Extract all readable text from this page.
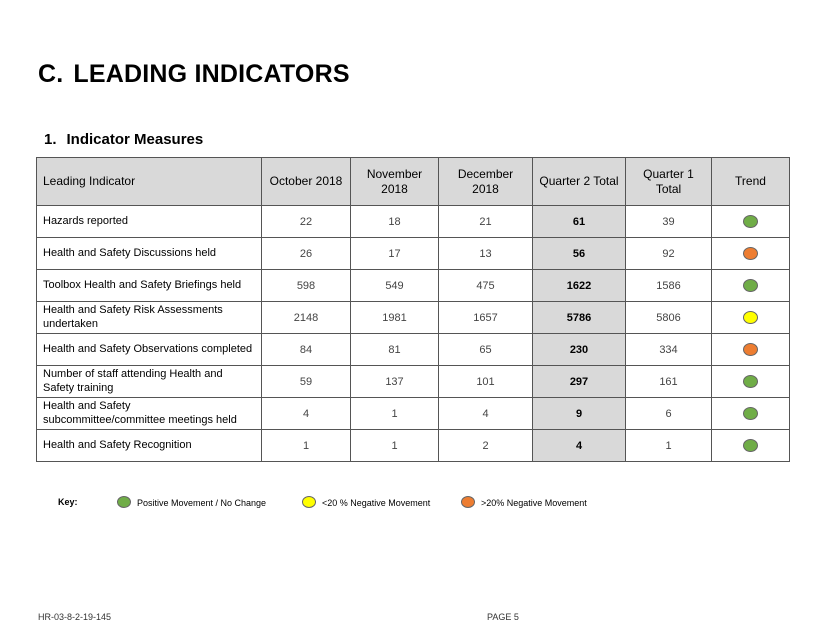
C. LEADING INDICATORS
1. Indicator Measures
Leading Indicator	October 2018	November 2018	December 2018	Quarter 2 Total	Quarter 1 Total	Trend
Hazards reported	22	18	21	61	39	
Health and Safety Discussions held	26	17	13	56	92	
Toolbox Health and Safety Briefings held	598	549	475	1622	1586	
Health and Safety Risk Assessments undertaken	2148	1981	1657	5786	5806	
Health and Safety Observations completed	84	81	65	230	334	
Number of staff attending Health and Safety training	59	137	101	297	161	
Health and Safety subcommittee/committee meetings held	4	1	4	9	6	
Health and Safety Recognition	1	1	2	4	1	
Key:	Positive Movement / No Change	<20 % Negative Movement	>20% Negative Movement
HR-03-8-2-19-145	PAGE 5
